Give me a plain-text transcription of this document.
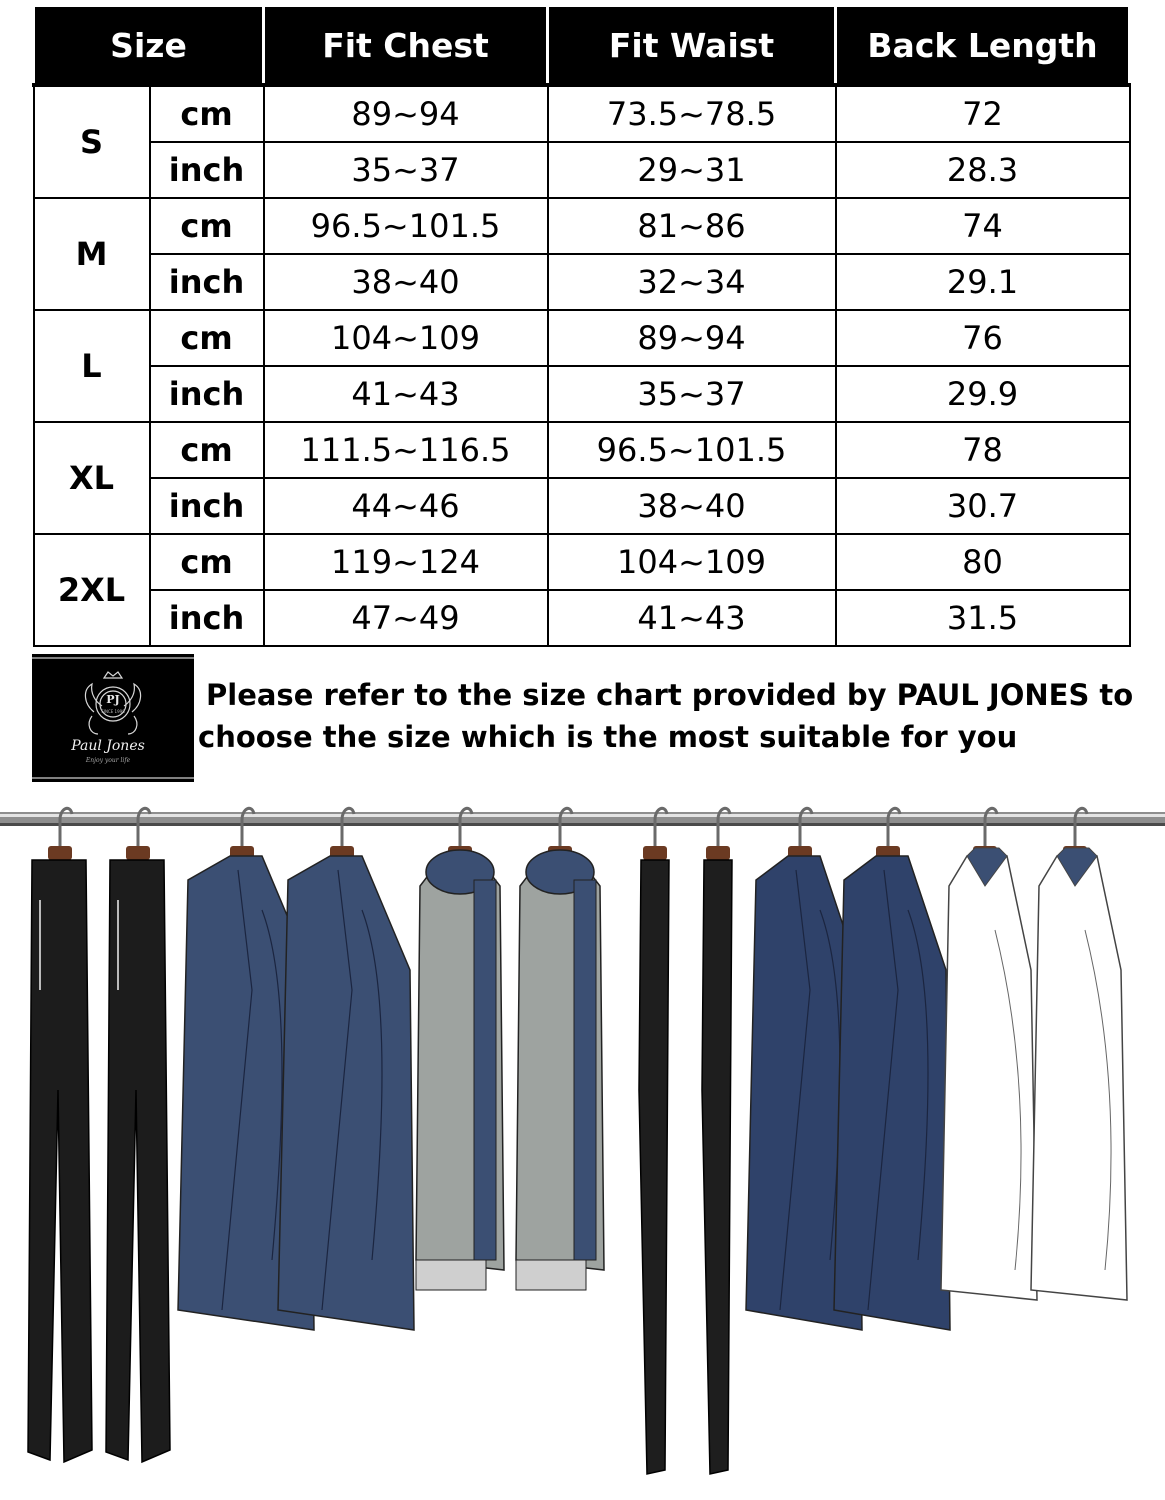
Size		Fit Chest	Fit Waist	Back Length
S	cm	89~94	73.5~78.5	72
	inch	35~37	29~31	28.3
M	cm	96.5~101.5	81~86	74
	inch	38~40	32~34	29.1
L	cm	104~109	89~94	76
	inch	41~43	35~37	29.9
XL	cm	111.5~116.5	96.5~101.5	78
	inch	44~46	38~40	30.7
2XL	cm	119~124	104~109	80
	inch	47~49	41~43	31.5
PJ
SINCE 1998
Paul Jones
Enjoy your life

Please refer to the size chart provided by PAUL JONES to
choose the size which is the most suitable for you
